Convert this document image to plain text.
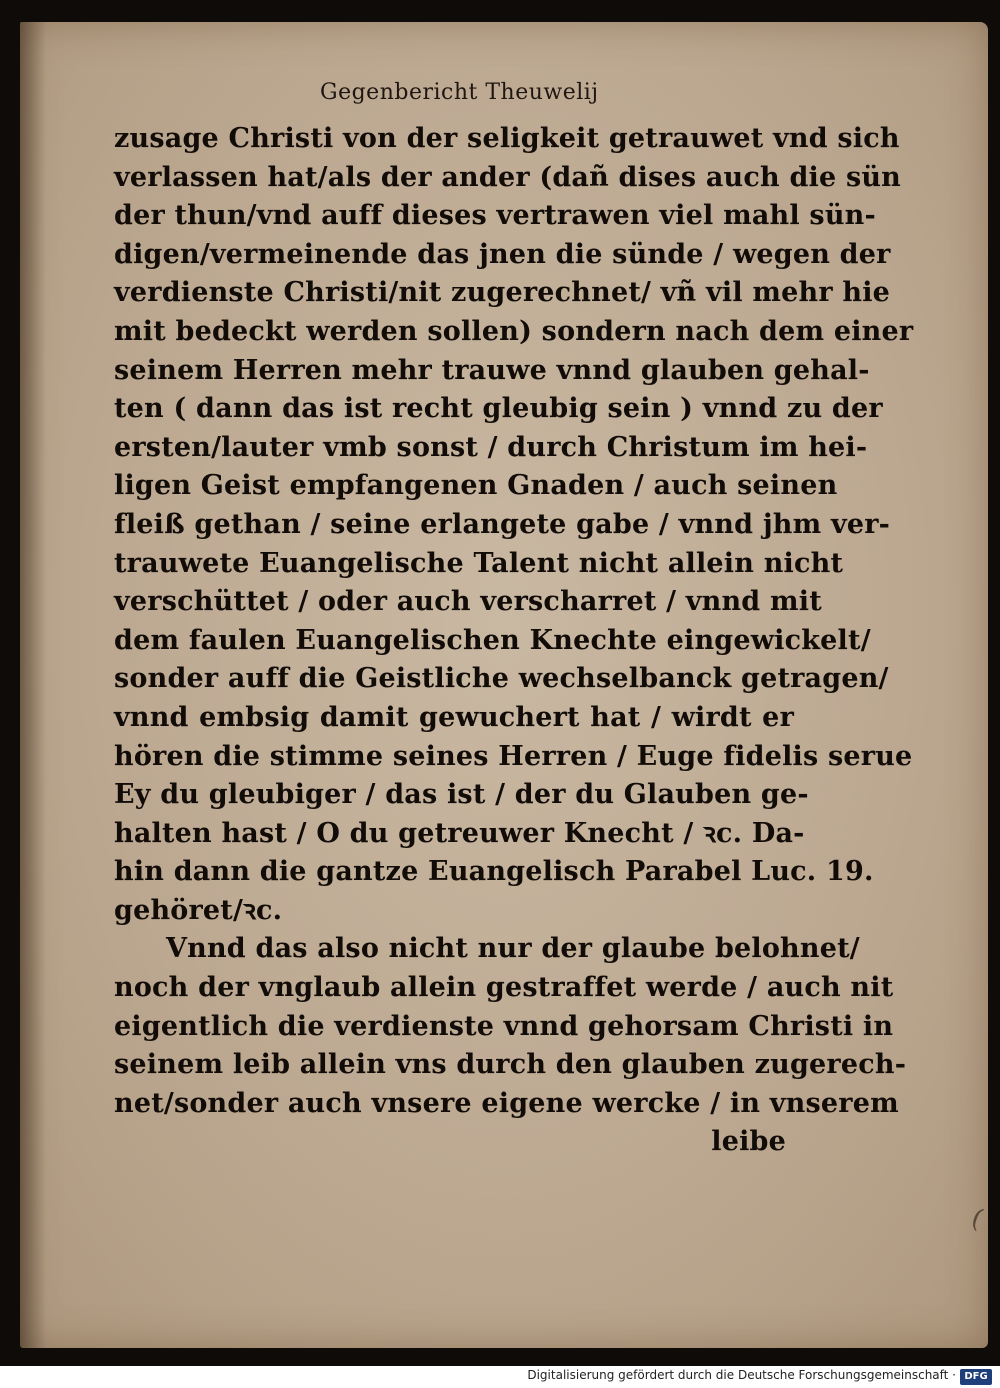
Gegenbericht Theuwelij
zusage Christi von der seligkeit getrauwet vnd sich
verlassen hat/als der ander (dañ dises auch die sün
der thun/vnd auff dieses vertrawen viel mahl sün-
digen/vermeinende das jnen die sünde / wegen der
verdienste Christi/nit zugerechnet/ vñ vil mehr hie
mit bedeckt werden sollen) sondern nach dem einer
seinem Herren mehr trauwe vnnd glauben gehal-
ten ( dann das ist recht gleubig sein ) vnnd zu der
ersten/lauter vmb sonst / durch Christum im hei-
ligen Geist empfangenen Gnaden / auch seinen
fleiß gethan / seine erlangete gabe / vnnd jhm ver-
trauwete Euangelische Talent nicht allein nicht
verschüttet / oder auch verscharret / vnnd mit
dem faulen Euangelischen Knechte eingewickelt/
sonder auff die Geistliche wechselbanck getragen/
vnnd embsig damit gewuchert hat / wirdt er
hören die stimme seines Herren / Euge fidelis serue
Ey du gleubiger / das ist / der du Glauben ge-
halten hast / O du getreuwer Knecht / ꝛc. Da-
hin dann die gantze Euangelisch Parabel Luc. 19.
gehöret/ꝛc.
Vnnd das also nicht nur der glaube belohnet/
noch der vnglaub allein gestraffet werde / auch nit
eigentlich die verdienste vnnd gehorsam Christi in
seinem leib allein vns durch den glauben zugerech-
net/sonder auch vnsere eigene wercke / in vnserem
leibe
(
Digitalisierung gefördert durch die Deutsche Forschungsgemeinschaft · DFG
